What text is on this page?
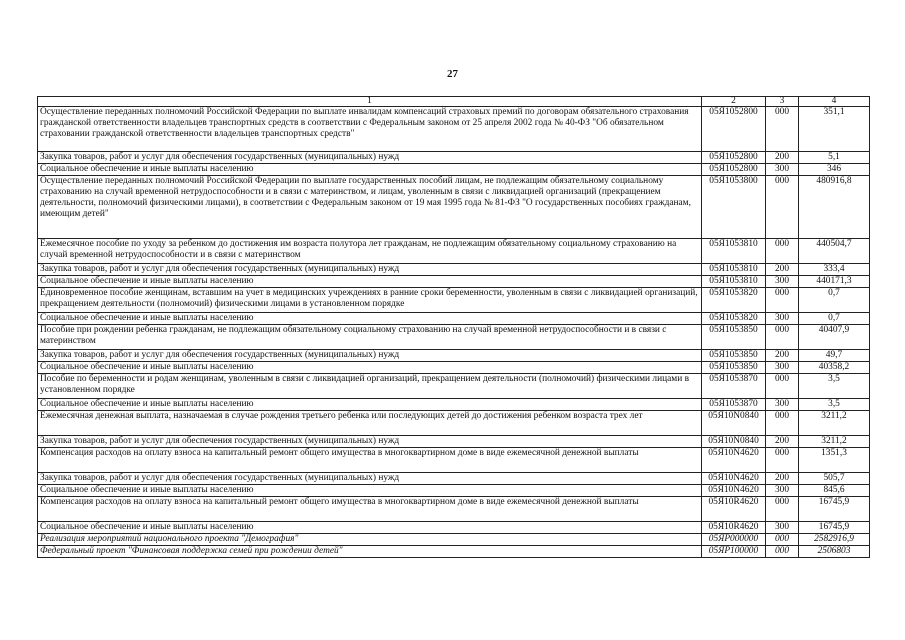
27
1	2	3	4
Осуществление переданных полномочий Российской Федерации по выплате инвалидам компенсаций страховых премий по договорам обязательного страхования гражданской ответственности владельцев транспортных средств в соответствии с Федеральным законом от 25 апреля 2002 года № 40-ФЗ "Об обязательном страховании гражданской ответственности владельцев транспортных средств"	05Я1052800	000	351,1
Закупка товаров, работ и услуг для обеспечения государственных (муниципальных) нужд	05Я1052800	200	5,1
Социальное обеспечение и иные выплаты населению	05Я1052800	300	346
Осуществление переданных полномочий Российской Федерации по выплате государственных пособий лицам, не подлежащим обязательному социальному страхованию на случай временной нетрудоспособности и в связи с материнством, и лицам, уволенным в связи с ликвидацией организаций (прекращением деятельности, полномочий физическими лицами), в соответствии с Федеральным законом от 19 мая 1995 года № 81-ФЗ "О государственных пособиях гражданам, имеющим детей"	05Я1053800	000	480916,8
Ежемесячное пособие по уходу за ребенком до достижения им возраста полутора лет гражданам, не подлежащим обязательному социальному страхованию на случай временной нетрудоспособности и в связи с материнством	05Я1053810	000	440504,7
Закупка товаров, работ и услуг для обеспечения государственных (муниципальных) нужд	05Я1053810	200	333,4
Социальное обеспечение и иные выплаты населению	05Я1053810	300	440171,3
Единовременное пособие женщинам, вставшим на учет в медицинских учреждениях в ранние сроки беременности, уволенным в связи с ликвидацией организаций, прекращением деятельности (полномочий) физическими лицами в установленном порядке	05Я1053820	000	0,7
Социальное обеспечение и иные выплаты населению	05Я1053820	300	0,7
Пособие при рождении ребенка гражданам, не подлежащим обязательному социальному страхованию на случай временной нетрудоспособности и в связи с материнством	05Я1053850	000	40407,9
Закупка товаров, работ и услуг для обеспечения государственных (муниципальных) нужд	05Я1053850	200	49,7
Социальное обеспечение и иные выплаты населению	05Я1053850	300	40358,2
Пособие по беременности и родам женщинам, уволенным в связи с ликвидацией организаций, прекращением деятельности (полномочий) физическими лицами в установленном порядке	05Я1053870	000	3,5
Социальное обеспечение и иные выплаты населению	05Я1053870	300	3,5
Ежемесячная денежная выплата, назначаемая в случае рождения третьего ребенка или последующих детей до достижения ребенком возраста трех лет	05Я10N0840	000	3211,2
Закупка товаров, работ и услуг для обеспечения государственных (муниципальных) нужд	05Я10N0840	200	3211,2
Компенсация расходов на оплату взноса на капитальный ремонт общего имущества в многоквартирном доме в виде ежемесячной денежной выплаты	05Я10N4620	000	1351,3
Закупка товаров, работ и услуг для обеспечения государственных (муниципальных) нужд	05Я10N4620	200	505,7
Социальное обеспечение и иные выплаты населению	05Я10N4620	300	845,6
Компенсация расходов на оплату взноса на капитальный ремонт общего имущества в многоквартирном доме в виде ежемесячной денежной выплаты	05Я10R4620	000	16745,9
Социальное обеспечение и иные выплаты населению	05Я10R4620	300	16745,9
Реализация мероприятий национального проекта "Демография"	05ЯP000000	000	2582916,9
Федеральный проект "Финансовая поддержка семей при рождении детей"	05ЯP100000	000	2506803
